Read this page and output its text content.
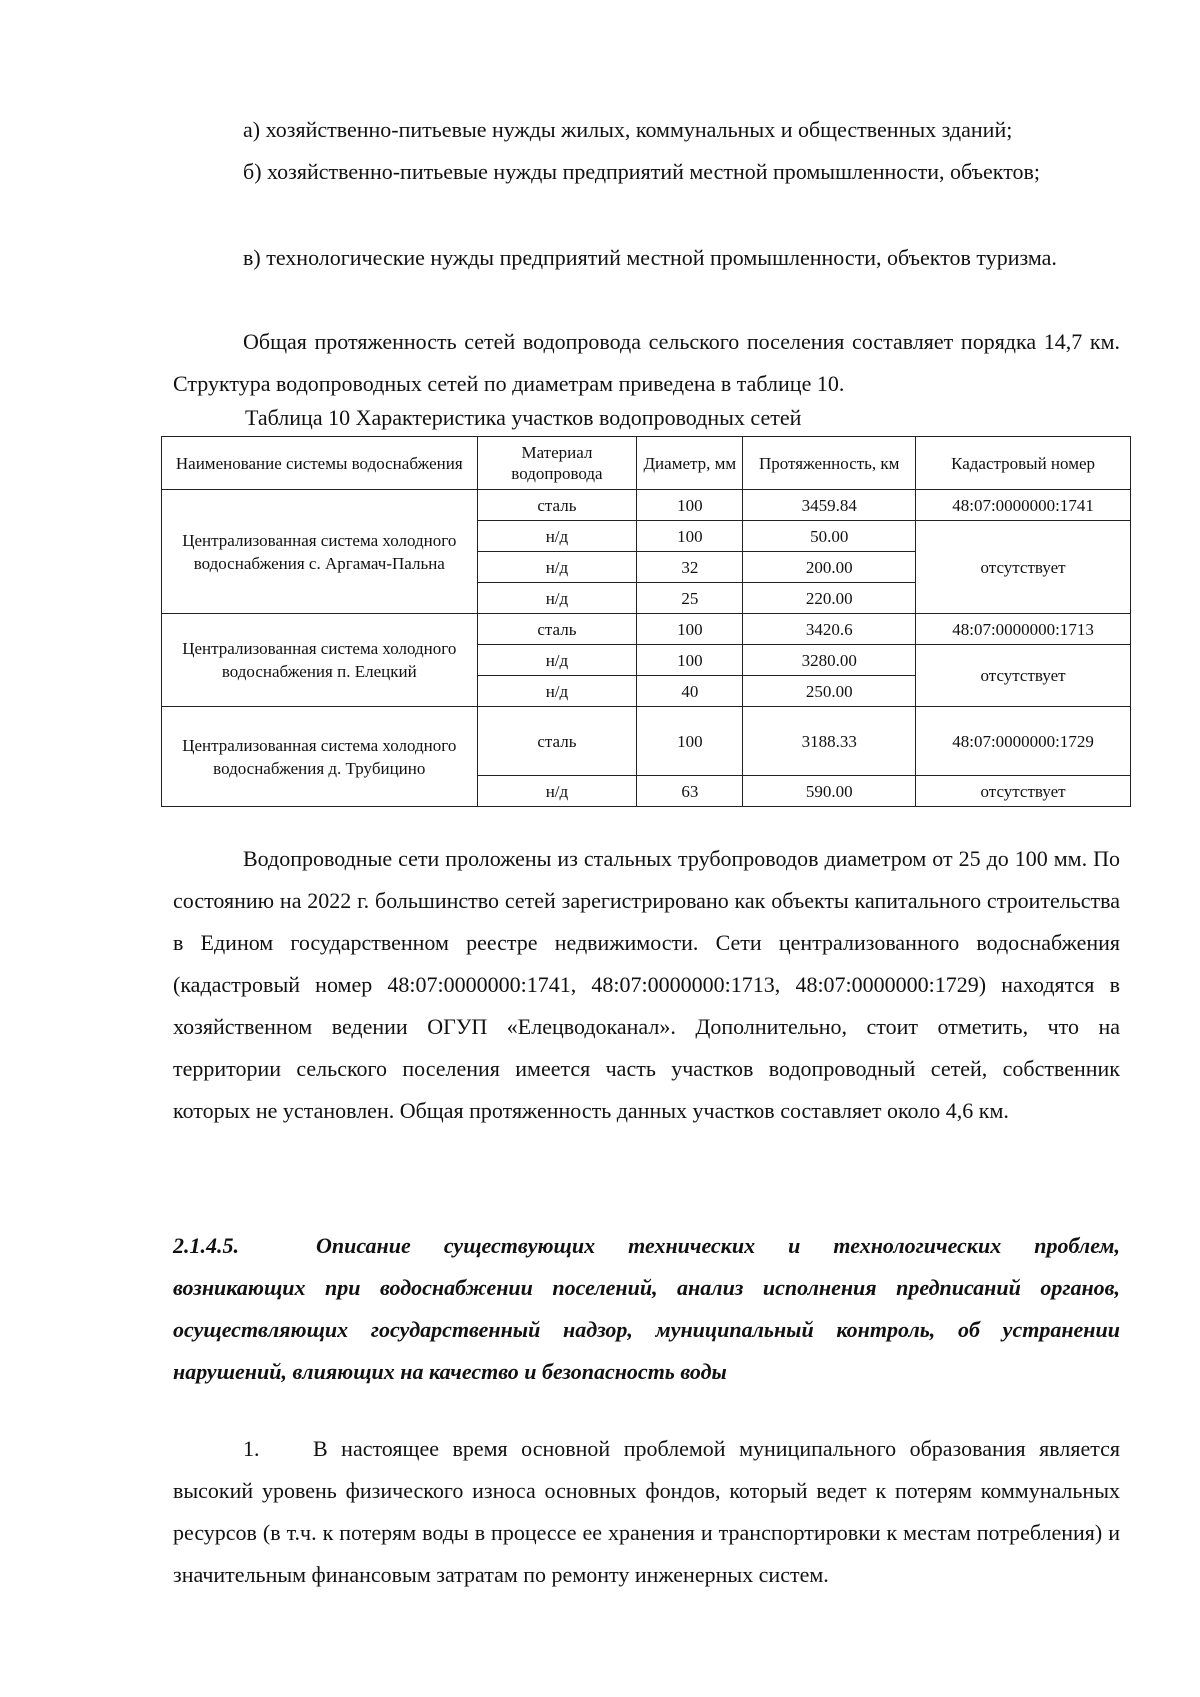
а) хозяйственно-питьевые нужды жилых, коммунальных и общественных зданий;

б) хозяйственно-питьевые нужды предприятий местной промышленности, объектов;

в) технологические нужды предприятий местной промышленности, объектов туризма.

Общая протяженность сетей водопровода сельского поселения составляет порядка 14,7 км. Структура водопроводных сетей по диаметрам приведена в таблице 10.

Таблица 10 Характеристика участков водопроводных сетей

Наименование системы водоснабжения	Материал водопровода	Диаметр, мм	Протяженность, км	Кадастровый номер
Централизованная система холодного водоснабжения с. Аргамач-Пальна	сталь	100	3459.84	48:07:0000000:1741
	н/д	100	50.00	отсутствует
	н/д	32	200.00	
	н/д	25	220.00	
Централизованная система холодного водоснабжения п. Елецкий	сталь	100	3420.6	48:07:0000000:1713
	н/д	100	3280.00	отсутствует
	н/д	40	250.00	
Централизованная система холодного водоснабжения д. Трубицино	сталь	100	3188.33	48:07:0000000:1729
	н/д	63	590.00	отсутствует

Водопроводные сети проложены из стальных трубопроводов диаметром от 25 до 100 мм. По состоянию на 2022 г. большинство сетей зарегистрировано как объекты капитального строительства в Едином государственном реестре недвижимости. Сети централизованного водоснабжения (кадастровый номер 48:07:0000000:1741, 48:07:0000000:1713, 48:07:0000000:1729) находятся в хозяйственном ведении ОГУП «Елецводоканал». Дополнительно, стоит отметить, что на территории сельского поселения имеется часть участков водопроводный сетей, собственник которых не установлен. Общая протяженность данных участков составляет около 4,6 км.

2.1.4.5.	Описание существующих технических и технологических проблем, возникающих при водоснабжении поселений, анализ исполнения предписаний органов, осуществляющих государственный надзор, муниципальный контроль, об устранении нарушений, влияющих на качество и безопасность воды

1. В настоящее время основной проблемой муниципального образования является высокий уровень физического износа основных фондов, который ведет к потерям коммунальных ресурсов (в т.ч. к потерям воды в процессе ее хранения и транспортировки к местам потребления) и значительным финансовым затратам по ремонту инженерных систем.
